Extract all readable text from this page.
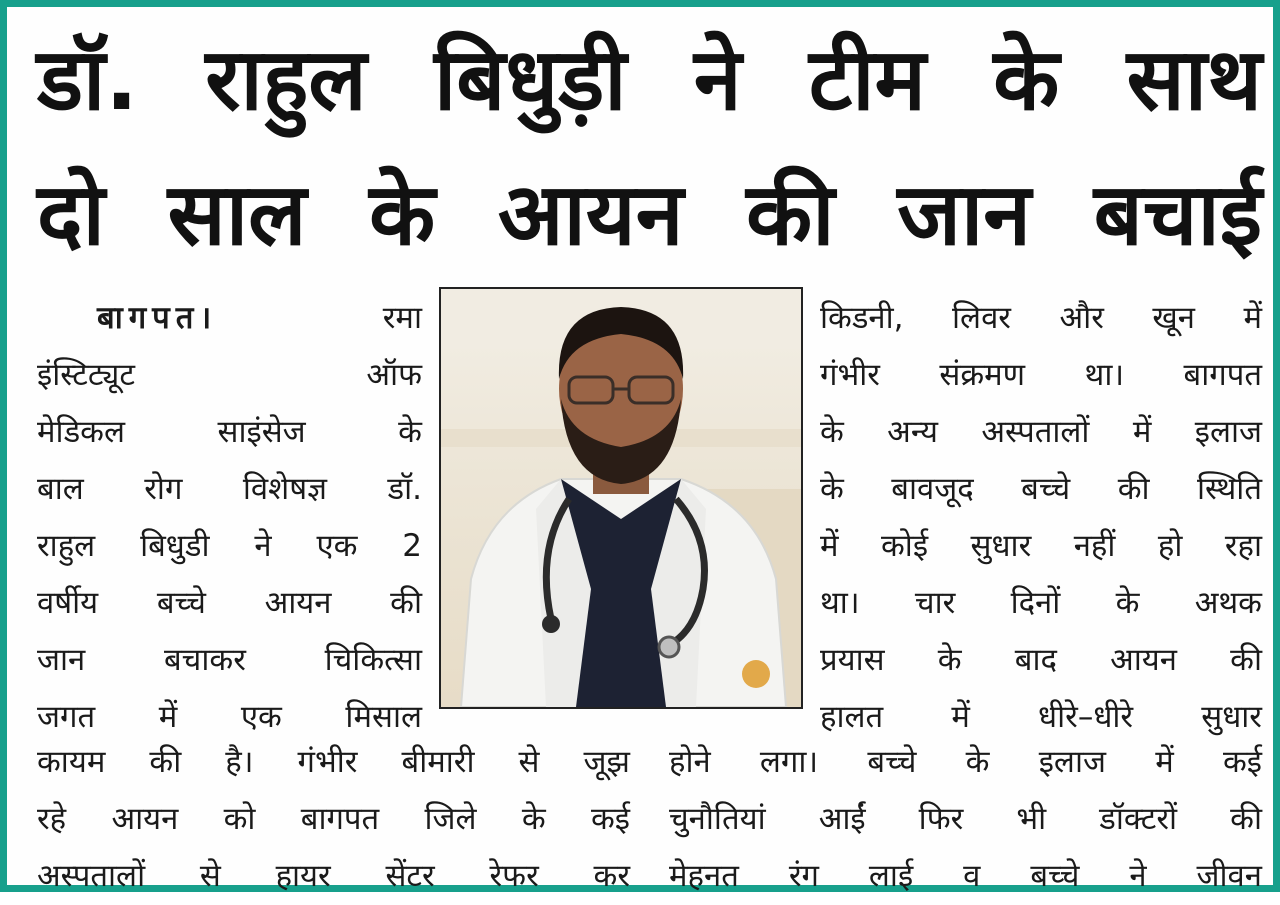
डॉ. राहुल बिधुड़ी ने टीम के साथ
दो साल के आयन की जान बचाई
बागपत।	रमा
इंस्टिट्यूट ऑफ
मेडिकल साइंसेज के
बाल रोग विशेषज्ञ डॉ.
राहुल बिधुडी ने एक 2
वर्षीय बच्चे आयन की
जान बचाकर चिकित्सा
जगत में एक मिसाल
किडनी, लिवर और खून में
गंभीर संक्रमण था। बागपत
के अन्य अस्पतालों में इलाज
के बावजूद बच्चे की स्थिति
में कोई सुधार नहीं हो रहा
था। चार दिनों के अथक
प्रयास के बाद आयन की
हालत में धीरे–धीरे सुधार
कायम की है। गंभीर बीमारी से जूझ
रहे आयन को बागपत जिले के कई
अस्पतालों से हायर सेंटर रेफर कर
होने लगा। बच्चे के इलाज में कई
चुनौतियां आईं फिर भी डॉक्टरों की
मेहनत रंग लाई व बच्चे ने जीवन
